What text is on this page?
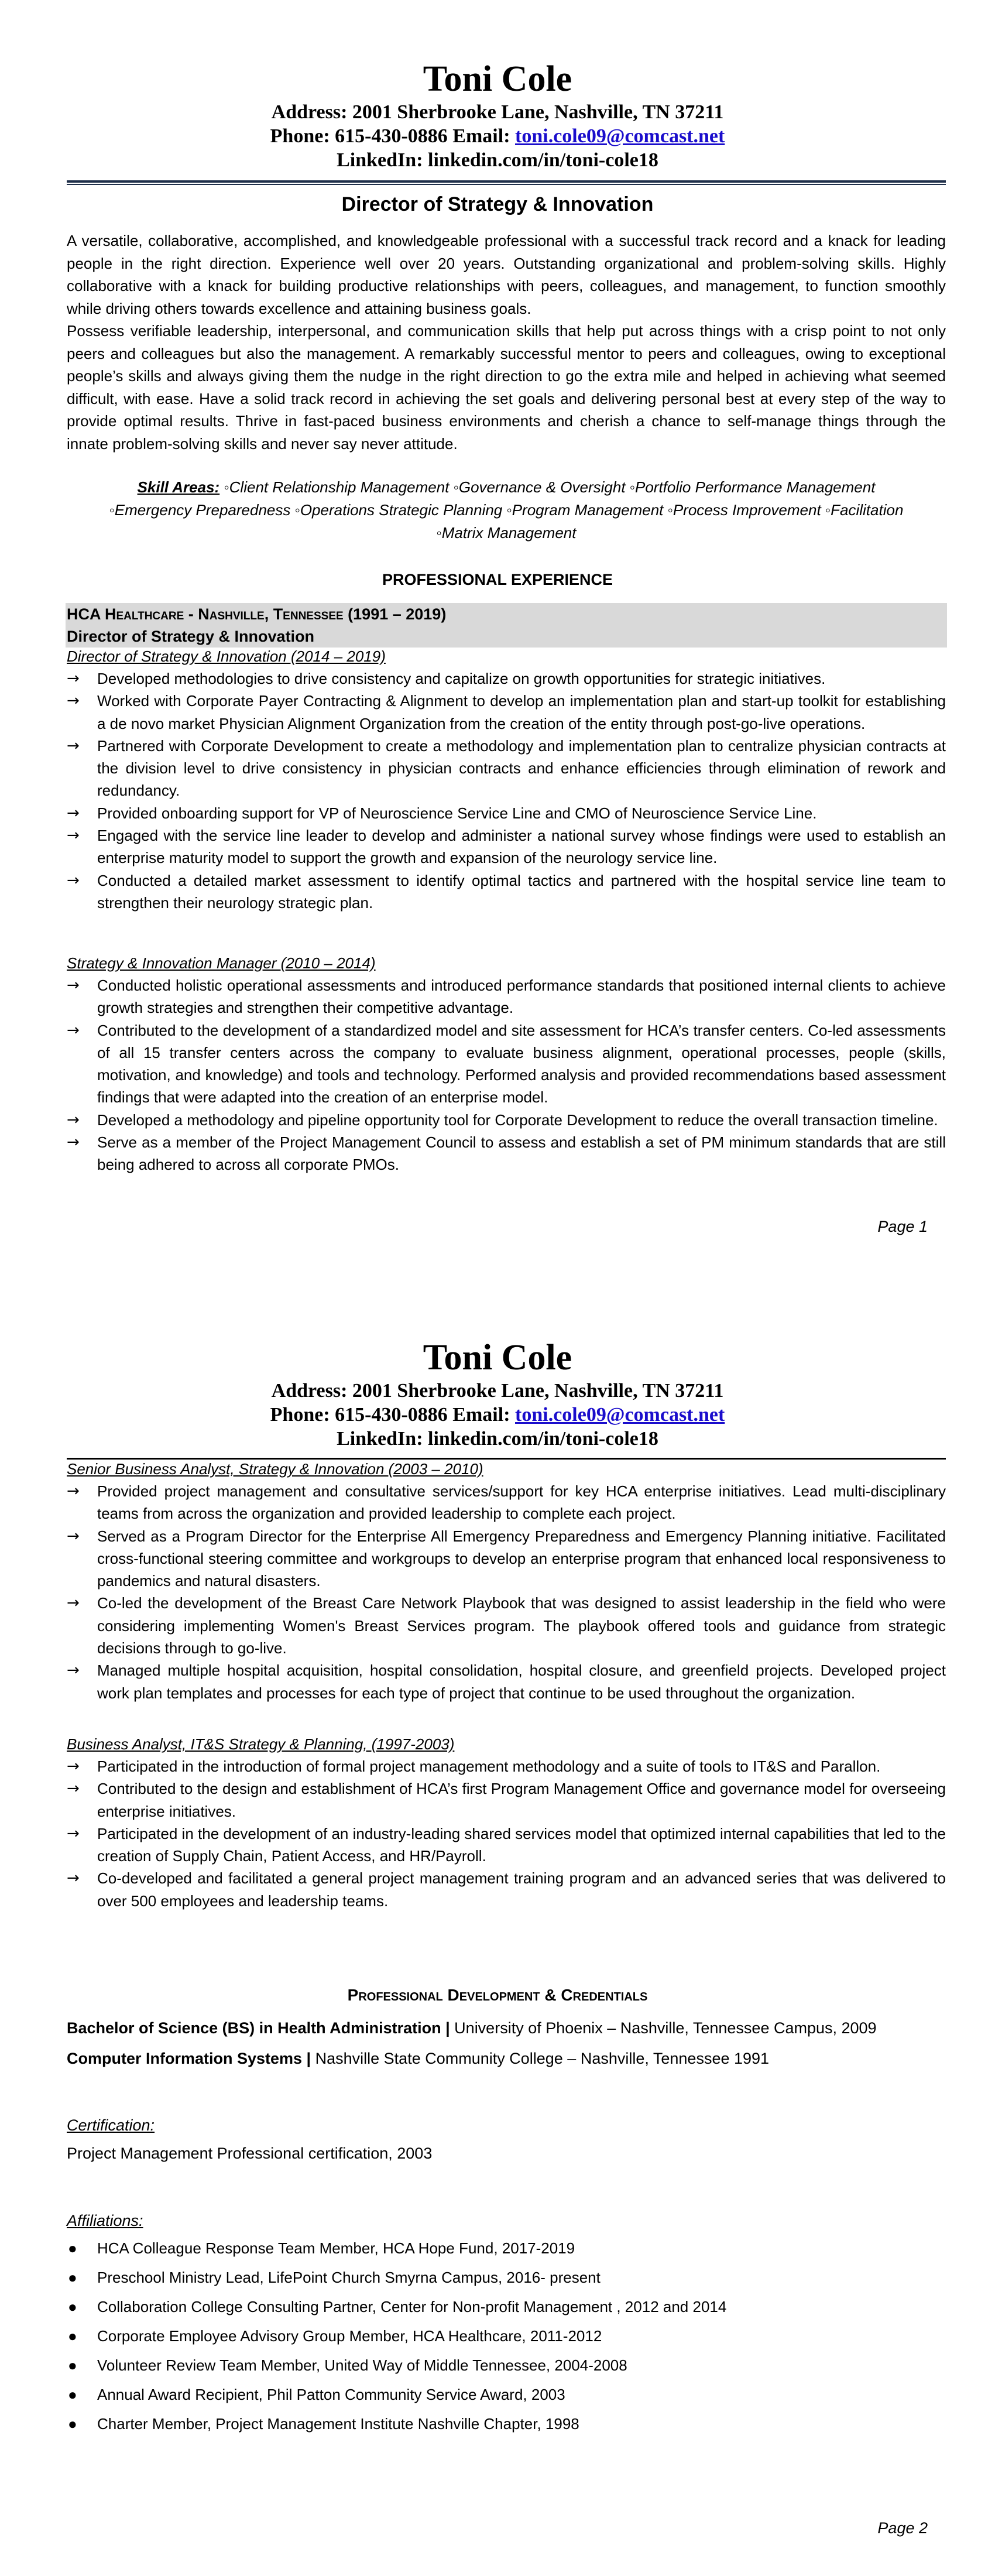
Toni Cole

Address: 2001 Sherbrooke Lane, Nashville, TN 37211

Phone: 615-430-0886 Email: toni.cole09@comcast.net

LinkedIn: linkedin.com/in/toni-cole18

Director of Strategy & Innovation

A versatile, collaborative, accomplished, and knowledgeable professional with a successful track record and a knack for leading people in the right direction. Experience well over 20 years. Outstanding organizational and problem-solving skills. Highly collaborative with a knack for building productive relationships with peers, colleagues, and management, to function smoothly while driving others towards excellence and attaining business goals.

Possess verifiable leadership, interpersonal, and communication skills that help put across things with a crisp point to not only peers and colleagues but also the management. A remarkably successful mentor to peers and colleagues, owing to exceptional people’s skills and always giving them the nudge in the right direction to go the extra mile and helped in achieving what seemed difficult, with ease. Have a solid track record in achieving the set goals and delivering personal best at every step of the way to provide optimal results. Thrive in fast-paced business environments and cherish a chance to self-manage things through the innate problem-solving skills and never say never attitude.

Skill Areas: ◦Client Relationship Management ◦Governance & Oversight ◦Portfolio Performance Management

◦Emergency Preparedness ◦Operations Strategic Planning ◦Program Management ◦Process Improvement ◦Facilitation

◦Matrix Management

PROFESSIONAL EXPERIENCE
HCA Healthcare - Nashville, Tennessee (1991 – 2019)
Director of Strategy & Innovation
Director of Strategy & Innovation (2014 – 2019)
→ Developed methodologies to drive consistency and capitalize on growth opportunities for strategic initiatives.
→ Worked with Corporate Payer Contracting & Alignment to develop an implementation plan and start-up toolkit for establishing a de novo market Physician Alignment Organization from the creation of the entity through post-go-live operations.
→ Partnered with Corporate Development to create a methodology and implementation plan to centralize physician contracts at the division level to drive consistency in physician contracts and enhance efficiencies through elimination of rework and redundancy.
→ Provided onboarding support for VP of Neuroscience Service Line and CMO of Neuroscience Service Line.
→ Engaged with the service line leader to develop and administer a national survey whose findings were used to establish an enterprise maturity model to support the growth and expansion of the neurology service line.
→ Conducted a detailed market assessment to identify optimal tactics and partnered with the hospital service line team to strengthen their neurology strategic plan.
Strategy & Innovation Manager (2010 – 2014)
→ Conducted holistic operational assessments and introduced performance standards that positioned internal clients to achieve growth strategies and strengthen their competitive advantage.
→ Contributed to the development of a standardized model and site assessment for HCA’s transfer centers. Co-led assessments of all 15 transfer centers across the company to evaluate business alignment, operational processes, people (skills, motivation, and knowledge) and tools and technology. Performed analysis and provided recommendations based assessment findings that were adapted into the creation of an enterprise model.
→ Developed a methodology and pipeline opportunity tool for Corporate Development to reduce the overall transaction timeline.
→ Serve as a member of the Project Management Council to assess and establish a set of PM minimum standards that are still being adhered to across all corporate PMOs.
Page 1
Toni Cole

Address: 2001 Sherbrooke Lane, Nashville, TN 37211

Phone: 615-430-0886 Email: toni.cole09@comcast.net

LinkedIn: linkedin.com/in/toni-cole18

Senior Business Analyst, Strategy & Innovation (2003 – 2010)
→ Provided project management and consultative services/support for key HCA enterprise initiatives. Lead multi-disciplinary teams from across the organization and provided leadership to complete each project.
→ Served as a Program Director for the Enterprise All Emergency Preparedness and Emergency Planning initiative. Facilitated cross-functional steering committee and workgroups to develop an enterprise program that enhanced local responsiveness to pandemics and natural disasters.
→ Co-led the development of the Breast Care Network Playbook that was designed to assist leadership in the field who were considering implementing Women's Breast Services program. The playbook offered tools and guidance from strategic decisions through to go-live.
→ Managed multiple hospital acquisition, hospital consolidation, hospital closure, and greenfield projects. Developed project work plan templates and processes for each type of project that continue to be used throughout the organization.
Business Analyst, IT&S Strategy & Planning, (1997-2003)
→ Participated in the introduction of formal project management methodology and a suite of tools to IT&S and Parallon.
→ Contributed to the design and establishment of HCA’s first Program Management Office and governance model for overseeing enterprise initiatives.
→ Participated in the development of an industry-leading shared services model that optimized internal capabilities that led to the creation of Supply Chain, Patient Access, and HR/Payroll.
→ Co-developed and facilitated a general project management training program and an advanced series that was delivered to over 500 employees and leadership teams.
Professional Development & Credentials

Bachelor of Science (BS) in Health Administration | University of Phoenix – Nashville, Tennessee Campus, 2009

Computer Information Systems | Nashville State Community College – Nashville, Tennessee 1991

Certification:

Project Management Professional certification, 2003

Affiliations:

● HCA Colleague Response Team Member, HCA Hope Fund, 2017-2019
● Preschool Ministry Lead, LifePoint Church Smyrna Campus, 2016- present
● Collaboration College Consulting Partner, Center for Non-profit Management , 2012 and 2014
● Corporate Employee Advisory Group Member, HCA Healthcare, 2011-2012
● Volunteer Review Team Member, United Way of Middle Tennessee, 2004-2008
● Annual Award Recipient, Phil Patton Community Service Award, 2003
● Charter Member, Project Management Institute Nashville Chapter, 1998
Page 2
